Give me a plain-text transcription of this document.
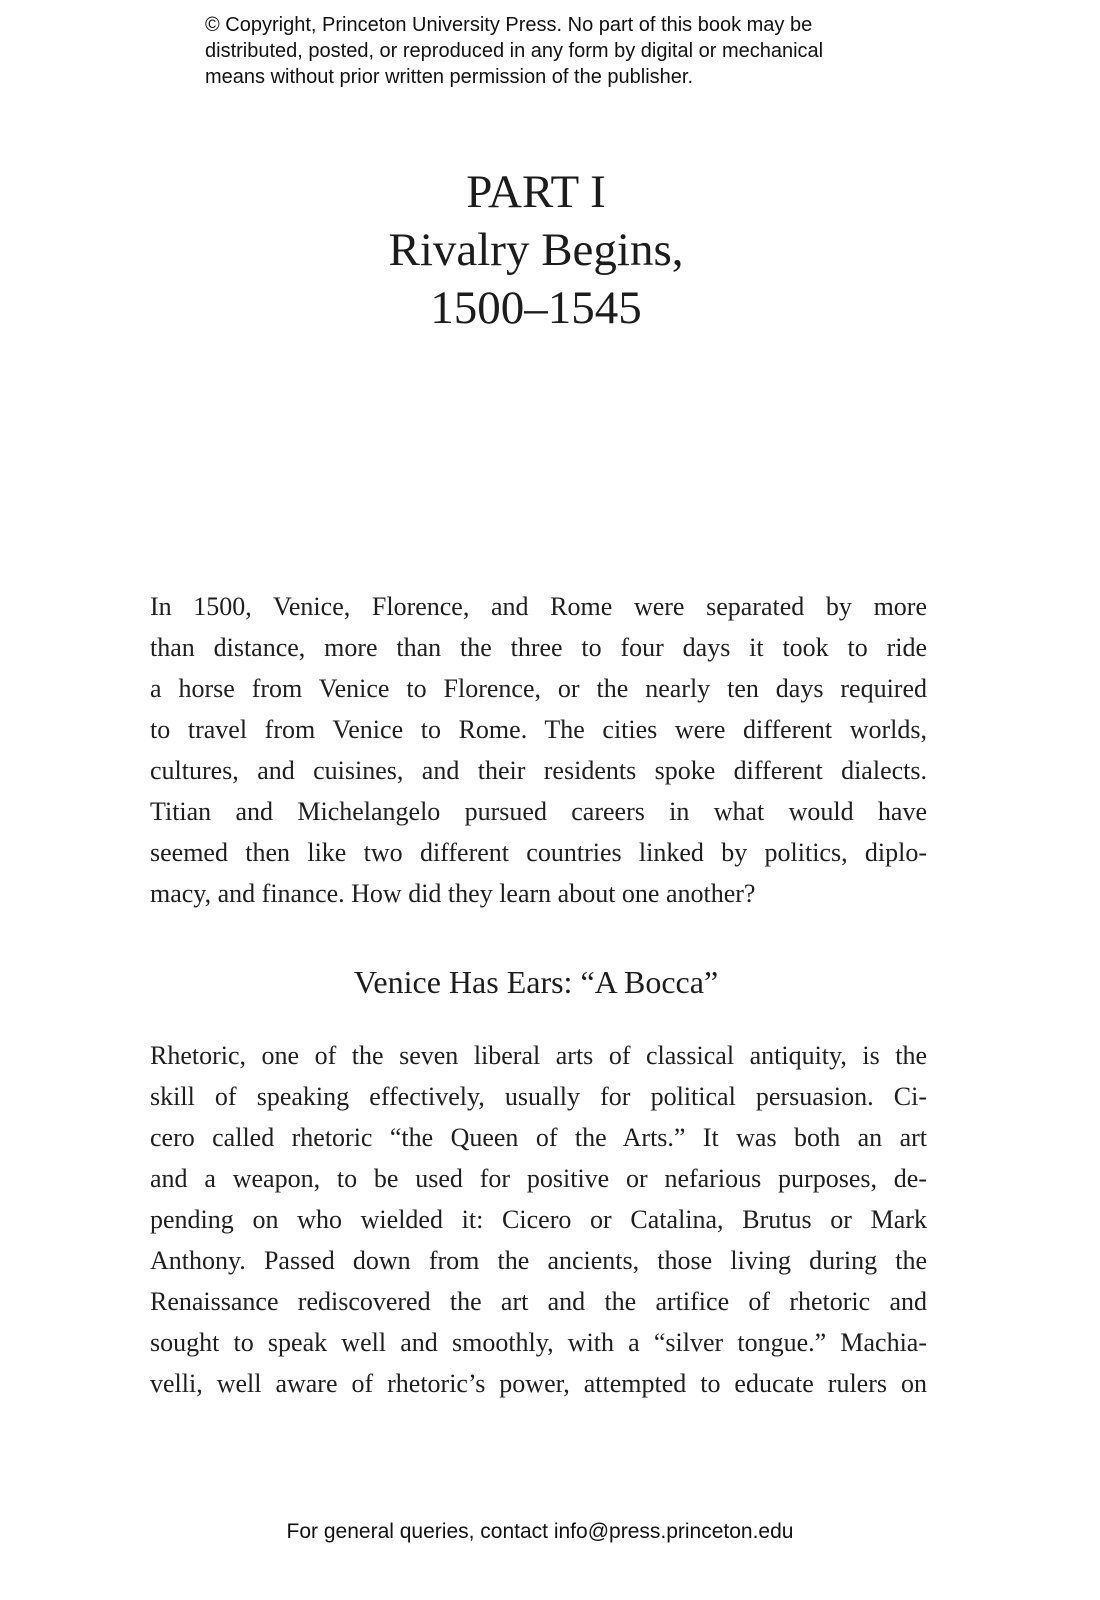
© Copyright, Princeton University Press. No part of this book may be
distributed, posted, or reproduced in any form by digital or mechanical
means without prior written permission of the publisher.
PART I
Rivalry Begins,
1500–1545
In 1500, Venice, Florence, and Rome were separated by more
than distance, more than the three to four days it took to ride
a horse from Venice to Florence, or the nearly ten days required
to travel from Venice to Rome. The cities were different worlds,
cultures, and cuisines, and their residents spoke different dialects.
Titian and Michelangelo pursued careers in what would have
seemed then like two different countries linked by politics, diplo-
macy, and finance. How did they learn about one another?
Venice Has Ears: “A Bocca”
Rhetoric, one of the seven liberal arts of classical antiquity, is the
skill of speaking effectively, usually for political persuasion. Ci-
cero called rhetoric “the Queen of the Arts.” It was both an art
and a weapon, to be used for positive or nefarious purposes, de-
pending on who wielded it: Cicero or Catalina, Brutus or Mark
Anthony. Passed down from the ancients, those living during the
Renaissance rediscovered the art and the artifice of rhetoric and
sought to speak well and smoothly, with a “silver tongue.” Machia-
velli, well aware of rhetoric’s power, attempted to educate rulers on
For general queries, contact info@press.princeton.edu
